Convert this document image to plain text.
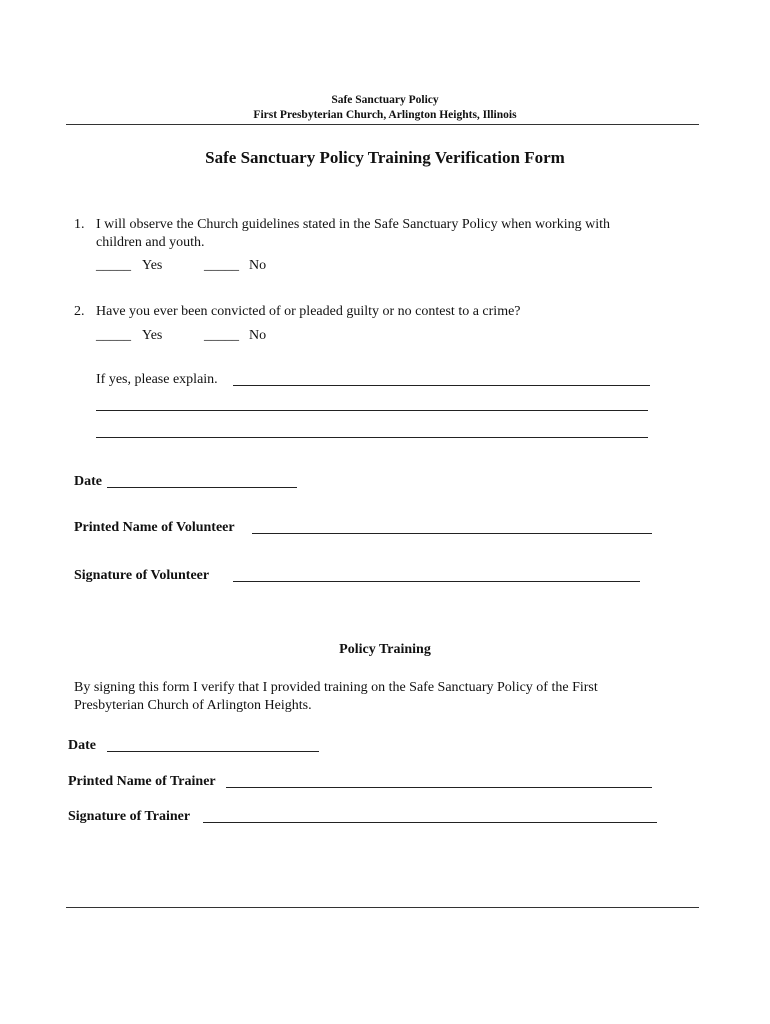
Safe Sanctuary Policy
First Presbyterian Church, Arlington Heights, Illinois
Safe Sanctuary Policy Training Verification Form
1. I will observe the Church guidelines stated in the Safe Sanctuary Policy when working with
children and youth.
_____ Yes	_____ No
2. Have you ever been convicted of or pleaded guilty or no contest to a crime?
_____ Yes	_____ No
If yes, please explain.
Date
Printed Name of Volunteer
Signature of Volunteer
Policy Training
By signing this form I verify that I provided training on the Safe Sanctuary Policy of the First
Presbyterian Church of Arlington Heights.
Date
Printed Name of Trainer
Signature of Trainer
